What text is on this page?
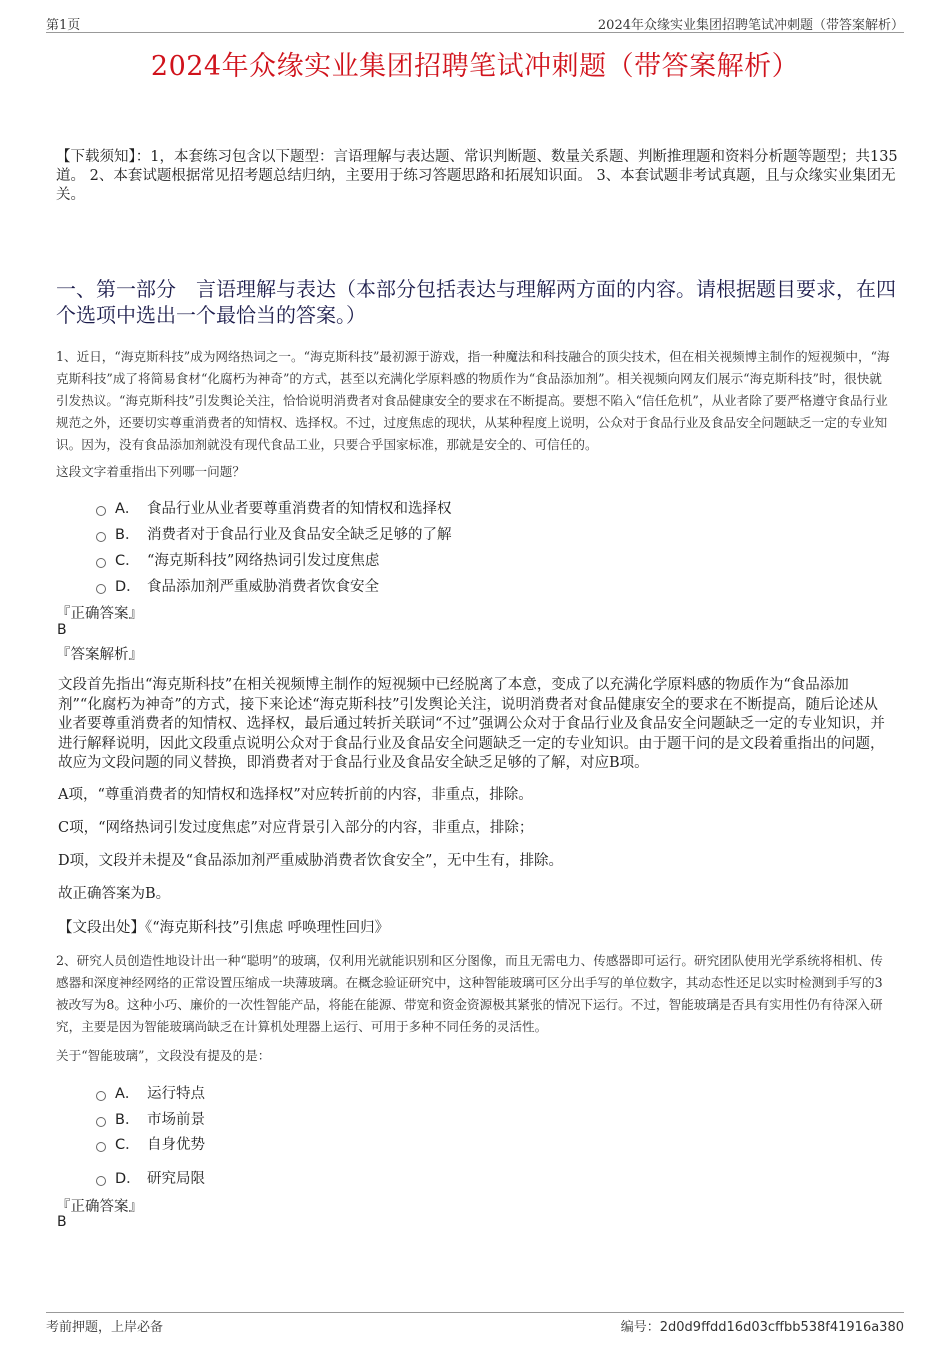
第1页	2024年众缘实业集团招聘笔试冲刺题（带答案解析）
2024年众缘实业集团招聘笔试冲刺题（带答案解析）
【下载须知】：1，本套练习包含以下题型：言语理解与表达题、常识判断题、数量关系题、判断推理题和资料分析题等题型；共135道。 2、本套试题根据常见招考题总结归纳，主要用于练习答题思路和拓展知识面。 3、本套试题非考试真题，且与众缘实业集团无关。
一、第一部分　言语理解与表达（本部分包括表达与理解两方面的内容。请根据题目要求，在四个选项中选出一个最恰当的答案。）
1、近日，“海克斯科技”成为网络热词之一。“海克斯科技”最初源于游戏，指一种魔法和科技融合的顶尖技术，但在相关视频博主制作的短视频中，“海克斯科技”成了将简易食材“化腐朽为神奇”的方式，甚至以充满化学原料感的物质作为“食品添加剂”。相关视频向网友们展示“海克斯科技”时，很快就引发热议。“海克斯科技”引发舆论关注，恰恰说明消费者对食品健康安全的要求在不断提高。要想不陷入“信任危机”，从业者除了要严格遵守食品行业规范之外，还要切实尊重消费者的知情权、选择权。不过，过度焦虑的现状，从某种程度上说明，公众对于食品行业及食品安全问题缺乏一定的专业知识。因为，没有食品添加剂就没有现代食品工业，只要合乎国家标准，那就是安全的、可信任的。
这段文字着重指出下列哪一问题？
A． 食品行业从业者要尊重消费者的知情权和选择权
B． 消费者对于食品行业及食品安全缺乏足够的了解
C． “海克斯科技”网络热词引发过度焦虑
D． 食品添加剂严重威胁消费者饮食安全
『正确答案』
B
『答案解析』
文段首先指出“海克斯科技”在相关视频博主制作的短视频中已经脱离了本意，变成了以充满化学原料感的物质作为“食品添加剂”“化腐朽为神奇”的方式，接下来论述“海克斯科技”引发舆论关注，说明消费者对食品健康安全的要求在不断提高，随后论述从业者要尊重消费者的知情权、选择权，最后通过转折关联词“不过”强调公众对于食品行业及食品安全问题缺乏一定的专业知识，并进行解释说明，因此文段重点说明公众对于食品行业及食品安全问题缺乏一定的专业知识。由于题干问的是文段着重指出的问题，故应为文段问题的同义替换，即消费者对于食品行业及食品安全缺乏足够的了解，对应B项。
A项，“尊重消费者的知情权和选择权”对应转折前的内容，非重点，排除。
C项，“网络热词引发过度焦虑”对应背景引入部分的内容，非重点，排除；
D项，文段并未提及“食品添加剂严重威胁消费者饮食安全”，无中生有，排除。
故正确答案为B。
【文段出处】《“海克斯科技”引焦虑 呼唤理性回归》
2、研究人员创造性地设计出一种“聪明”的玻璃，仅利用光就能识别和区分图像，而且无需电力、传感器即可运行。研究团队使用光学系统将相机、传感器和深度神经网络的正常设置压缩成一块薄玻璃。在概念验证研究中，这种智能玻璃可区分出手写的单位数字，其动态性还足以实时检测到手写的3被改写为8。这种小巧、廉价的一次性智能产品，将能在能源、带宽和资金资源极其紧张的情况下运行。不过，智能玻璃是否具有实用性仍有待深入研究，主要是因为智能玻璃尚缺乏在计算机处理器上运行、可用于多种不同任务的灵活性。
关于“智能玻璃”，文段没有提及的是：
A． 运行特点
B． 市场前景
C． 自身优势
D． 研究局限
『正确答案』
B
考前押题，上岸必备	编号：2d0d9ffdd16d03cffbb538f41916a380
